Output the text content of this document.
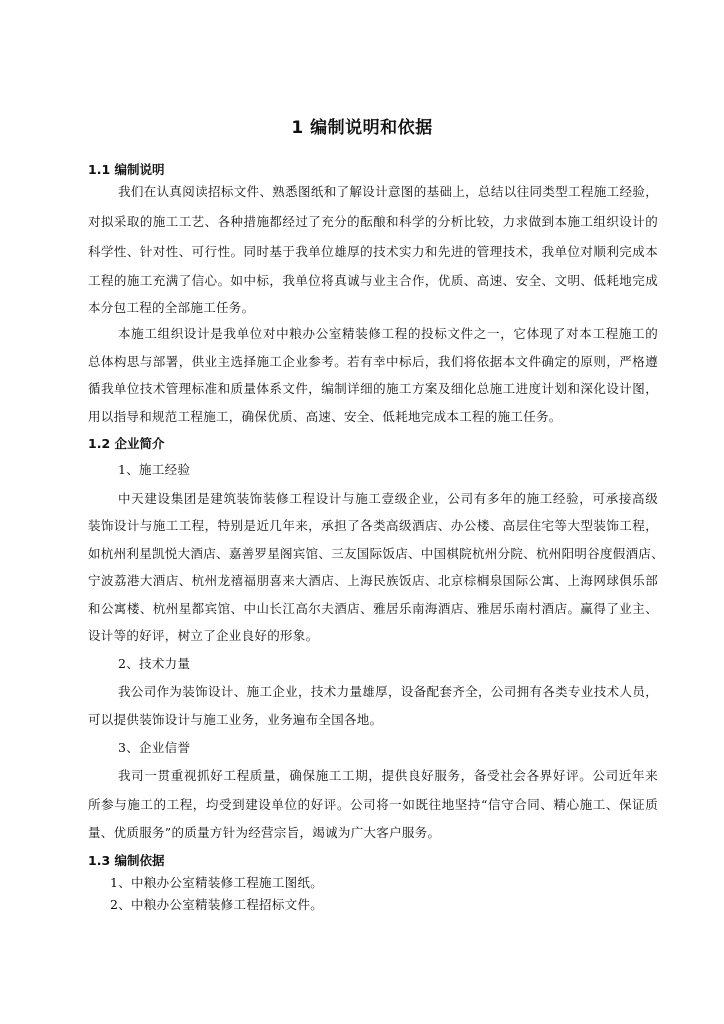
1 编制说明和依据
1.1 编制说明
我们在认真阅读招标文件、熟悉图纸和了解设计意图的基础上，总结以往同类型工程施工经验，
对拟采取的施工工艺、各种措施都经过了充分的酝酿和科学的分析比较，力求做到本施工组织设计的
科学性、针对性、可行性。同时基于我单位雄厚的技术实力和先进的管理技术，我单位对顺利完成本
工程的施工充满了信心。如中标，我单位将真诚与业主合作，优质、高速、安全、文明、低耗地完成
本分包工程的全部施工任务。
本施工组织设计是我单位对中粮办公室精装修工程的投标文件之一，它体现了对本工程施工的
总体构思与部署，供业主选择施工企业参考。若有幸中标后，我们将依据本文件确定的原则，严格遵
循我单位技术管理标准和质量体系文件，编制详细的施工方案及细化总施工进度计划和深化设计图，
用以指导和规范工程施工，确保优质、高速、安全、低耗地完成本工程的施工任务。
1.2 企业简介
1、施工经验
中天建设集团是建筑装饰装修工程设计与施工壹级企业，公司有多年的施工经验，可承接高级
装饰设计与施工工程，特别是近几年来，承担了各类高级酒店、办公楼、高层住宅等大型装饰工程，
如杭州利星凯悦大酒店、嘉善罗星阁宾馆、三友国际饭店、中国棋院杭州分院、杭州阳明谷度假酒店、
宁波荔港大酒店、杭州龙禧福朋喜来大酒店、上海民族饭店、北京棕榈泉国际公寓、上海网球俱乐部
和公寓楼、杭州星都宾馆、中山长江高尔夫酒店、雅居乐南海酒店、雅居乐南村酒店。赢得了业主、
设计等的好评，树立了企业良好的形象。
2、技术力量
我公司作为装饰设计、施工企业，技术力量雄厚，设备配套齐全，公司拥有各类专业技术人员，
可以提供装饰设计与施工业务，业务遍布全国各地。
3、企业信誉
我司一贯重视抓好工程质量，确保施工工期，提供良好服务，备受社会各界好评。公司近年来
所参与施工的工程，均受到建设单位的好评。公司将一如既往地坚持“信守合同、精心施工、保证质
量、优质服务”的质量方针为经营宗旨，竭诚为广大客户服务。
1.3 编制依据
1、中粮办公室精装修工程施工图纸。
2、中粮办公室精装修工程招标文件。
